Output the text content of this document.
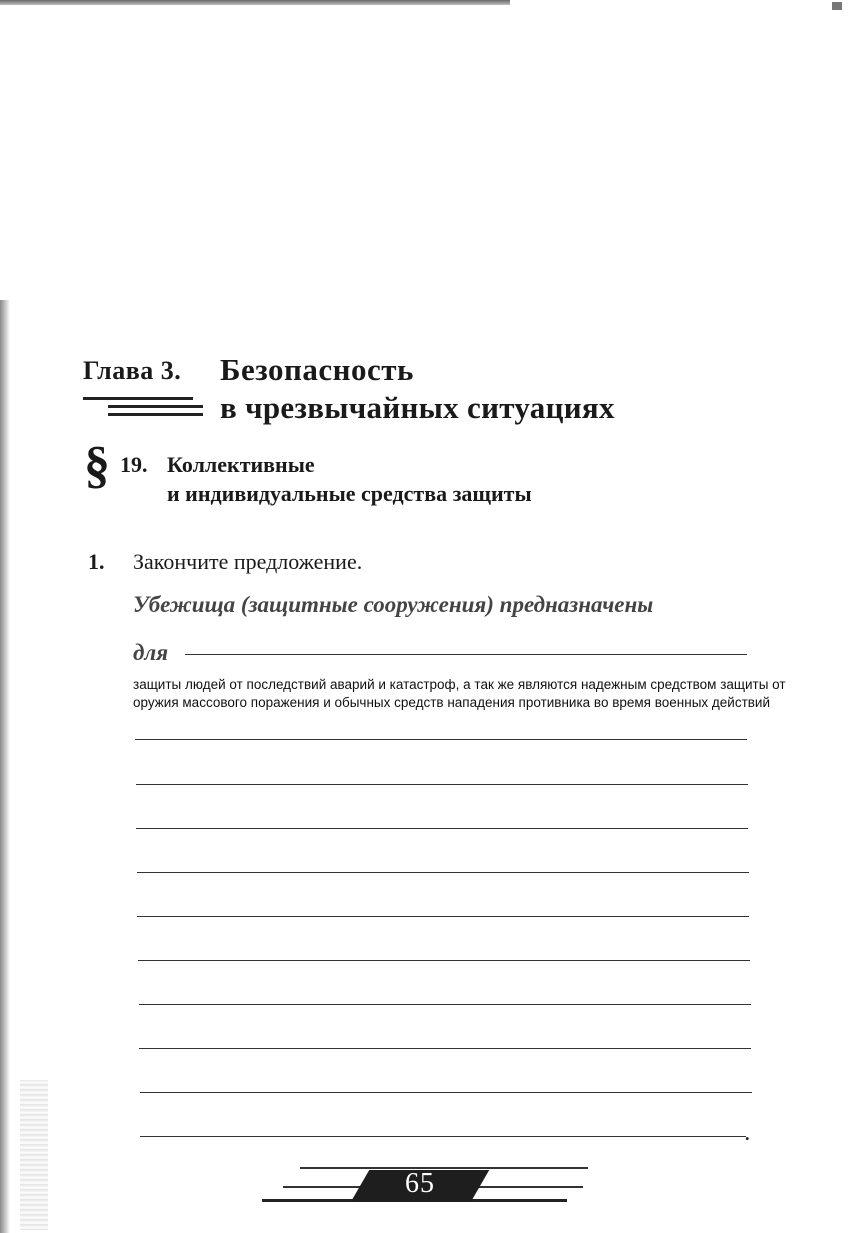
Глава 3. Безопасность
в чрезвычайных ситуациях
§ 19. Коллективные
и индивидуальные средства защиты
1. Закончите предложение.
Убежища (защитные сооружения) предназначены
для
защиты людей от последствий аварий и катастроф, а так же являются надежным средством защиты от оружия массового поражения и обычных средств нападения противника во время военных действий
.
65
